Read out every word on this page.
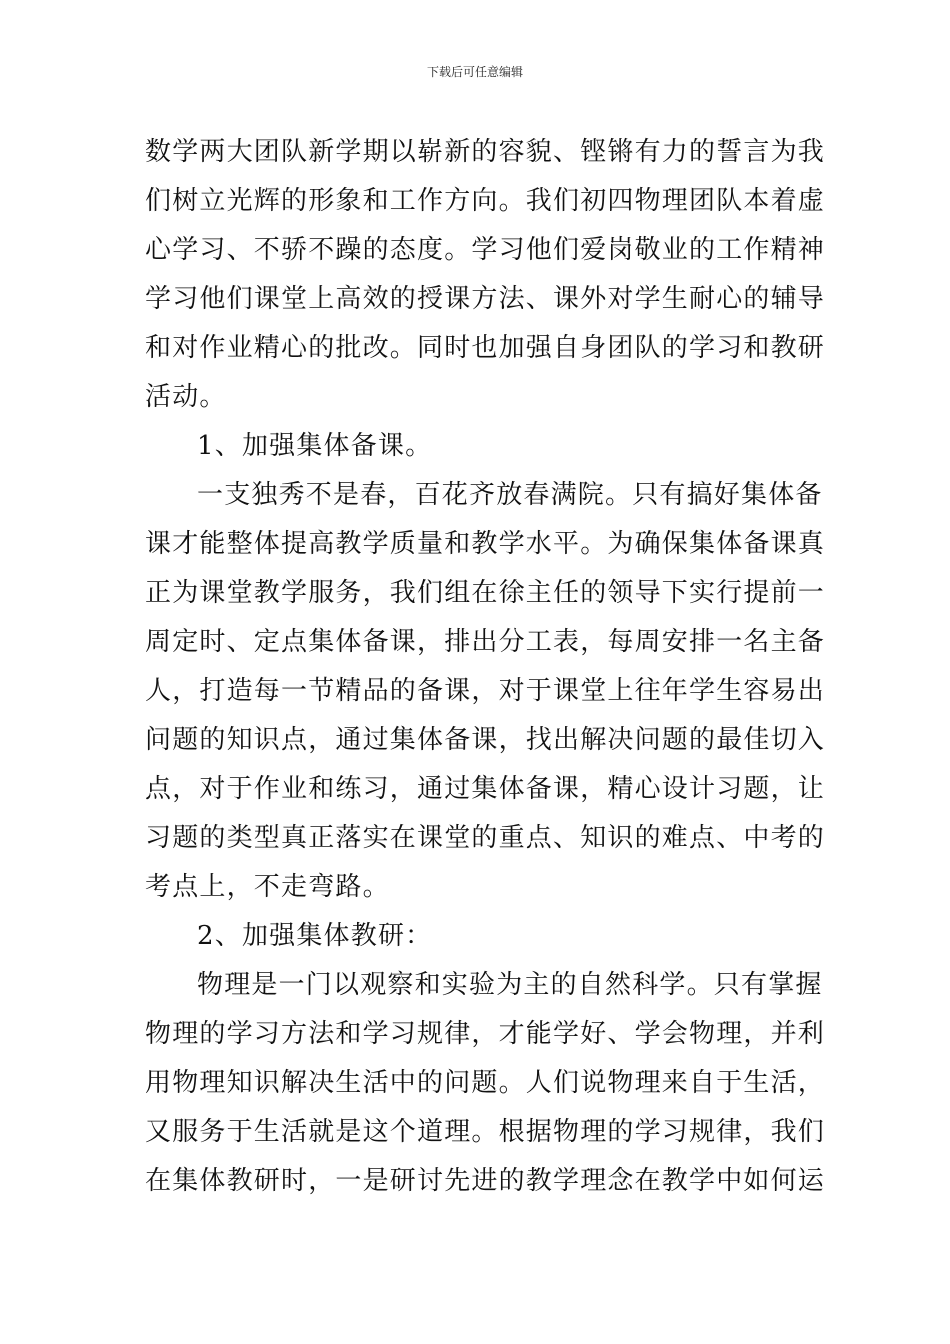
下载后可任意编辑
数学两大团队新学期以崭新的容貌、铿锵有力的誓言为我
们树立光辉的形象和工作方向。我们初四物理团队本着虚
心学习、不骄不躁的态度。学习他们爱岗敬业的工作精神
学习他们课堂上高效的授课方法、课外对学生耐心的辅导
和对作业精心的批改。同时也加强自身团队的学习和教研
活动。
1、加强集体备课。
一支独秀不是春，百花齐放春满院。只有搞好集体备
课才能整体提高教学质量和教学水平。为确保集体备课真
正为课堂教学服务，我们组在徐主任的领导下实行提前一
周定时、定点集体备课，排出分工表，每周安排一名主备
人，打造每一节精品的备课，对于课堂上往年学生容易出
问题的知识点，通过集体备课，找出解决问题的最佳切入
点，对于作业和练习，通过集体备课，精心设计习题，让
习题的类型真正落实在课堂的重点、知识的难点、中考的
考点上，不走弯路。
2、加强集体教研：
物理是一门以观察和实验为主的自然科学。只有掌握
物理的学习方法和学习规律，才能学好、学会物理，并利
用物理知识解决生活中的问题。人们说物理来自于生活，
又服务于生活就是这个道理。根据物理的学习规律，我们
在集体教研时，一是研讨先进的教学理念在教学中如何运
